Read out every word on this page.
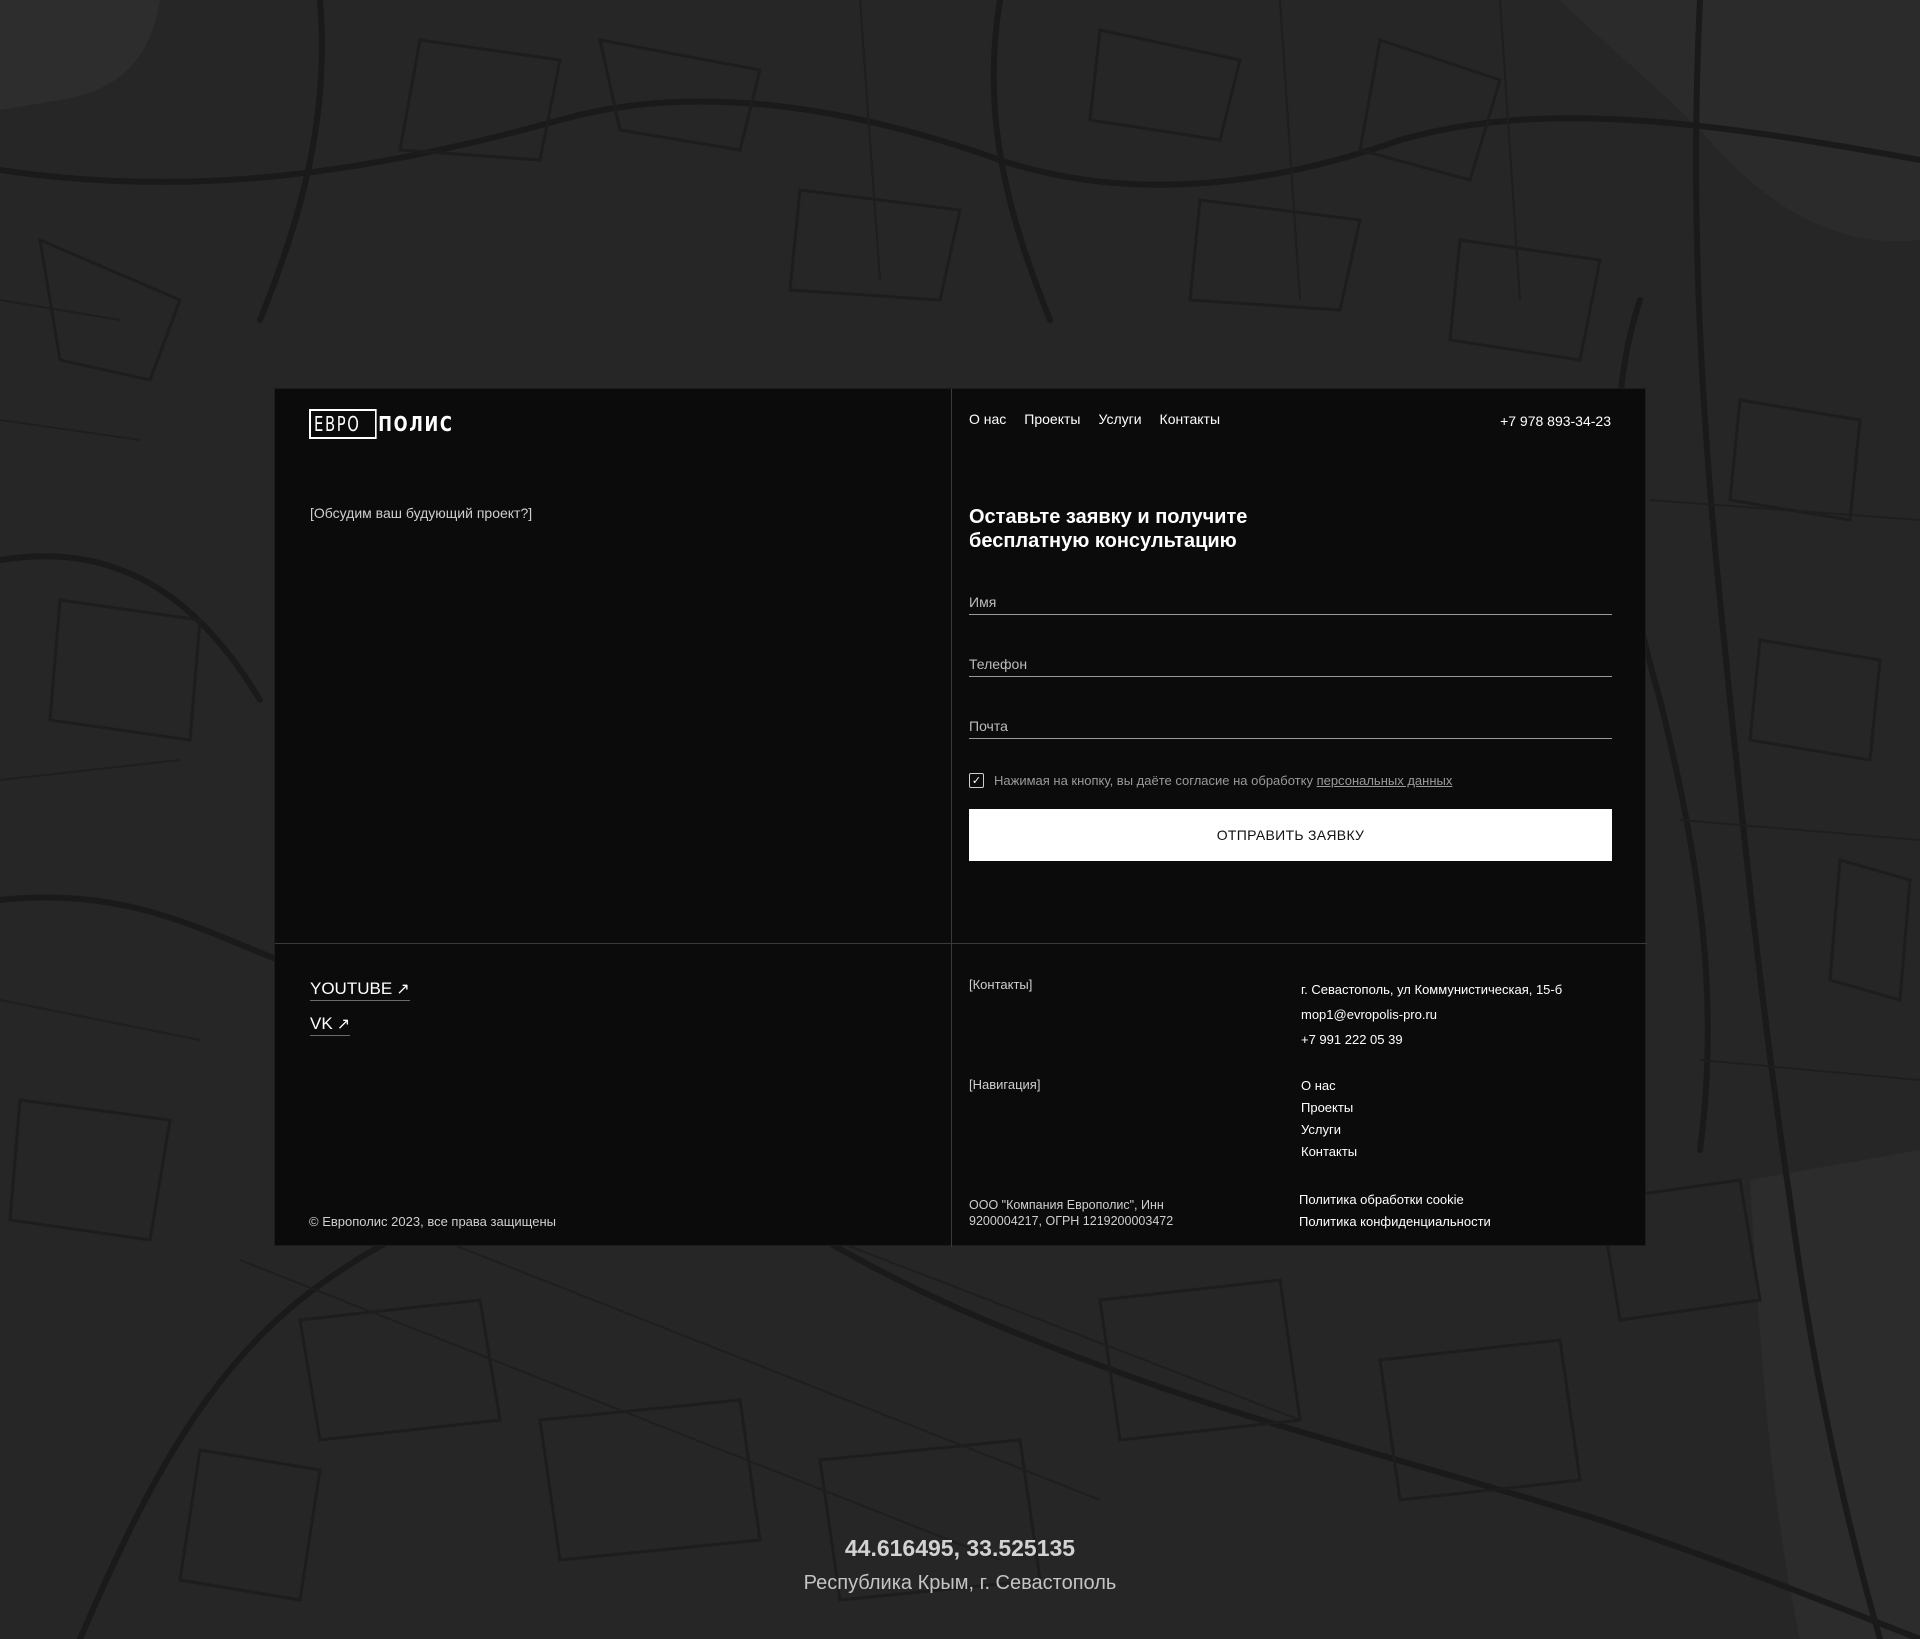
ЕВРО ПОЛИС
[Обсудим ваш будующий проект?]
О нас Проекты Услуги Контакты	+7 978 893-34-23
Оставьте заявку и получите бесплатную консультацию
Имя
Телефон
Почта
✓ Нажимая на кнопку, вы даёте согласие на обработку персональных данных
ОТПРАВИТЬ ЗАЯВКУ
YOUTUBE ↗
VK ↗
© Европолис 2023, все права защищены
[Контакты]	г. Севастополь, ул Коммунистическая, 15-б
mop1@evropolis-pro.ru
+7 991 222 05 39
[Навигация]	О нас
Проекты
Услуги
Контакты
ООО "Компания Европолис", Инн 9200004217, ОГРН 1219200003472
Политика обработки cookie
Политика конфиденциальности
44.616495, 33.525135
Республика Крым, г. Севастополь
